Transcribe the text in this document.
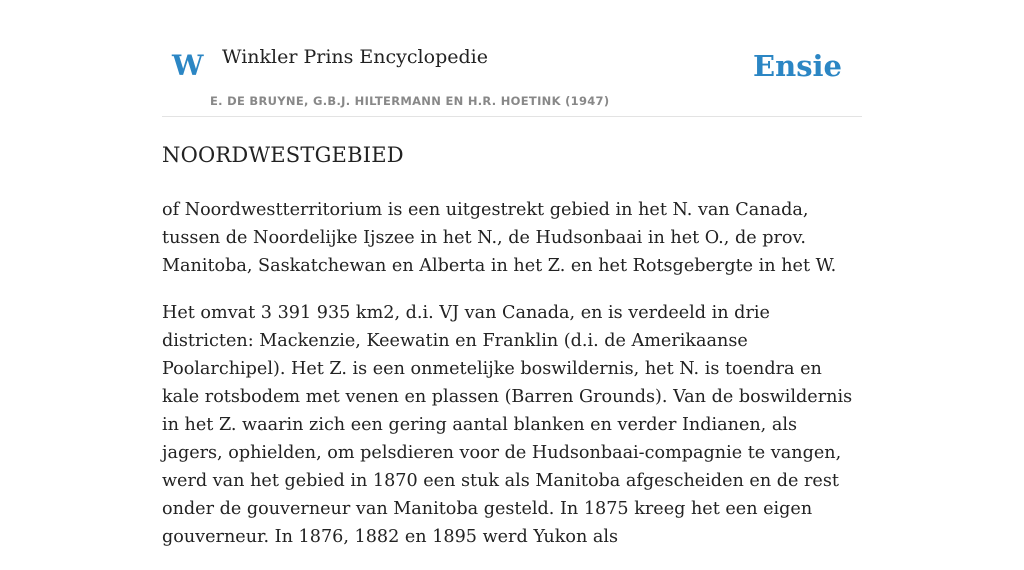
W Winkler Prins Encyclopedie
E. DE BRUYNE, G.B.J. HILTERMANN EN H.R. HOETINK (1947)
Ensie
NOORDWESTGEBIED

of Noordwestterritorium is een uitgestrekt gebied in het N. van Canada, tussen de Noordelijke Ijszee in het N., de Hudsonbaai in het O., de prov. Manitoba, Saskatchewan en Alberta in het Z. en het Rotsgebergte in het W.

Het omvat 3 391 935 km2, d.i. VJ van Canada, en is verdeeld in drie districten: Mackenzie, Keewatin en Franklin (d.i. de Amerikaanse Poolarchipel). Het Z. is een onmetelijke boswildernis, het N. is toendra en kale rotsbodem met venen en plassen (Barren Grounds). Van de boswildernis in het Z. waarin zich een gering aantal blanken en verder Indianen, als jagers, ophielden, om pelsdieren voor de Hudsonbaai-compagnie te vangen, werd van het gebied in 1870 een stuk als Manitoba afgescheiden en de rest onder de gouverneur van Manitoba gesteld. In 1875 kreeg het een eigen gouverneur. In 1876, 1882 en 1895 werd Yukon als
